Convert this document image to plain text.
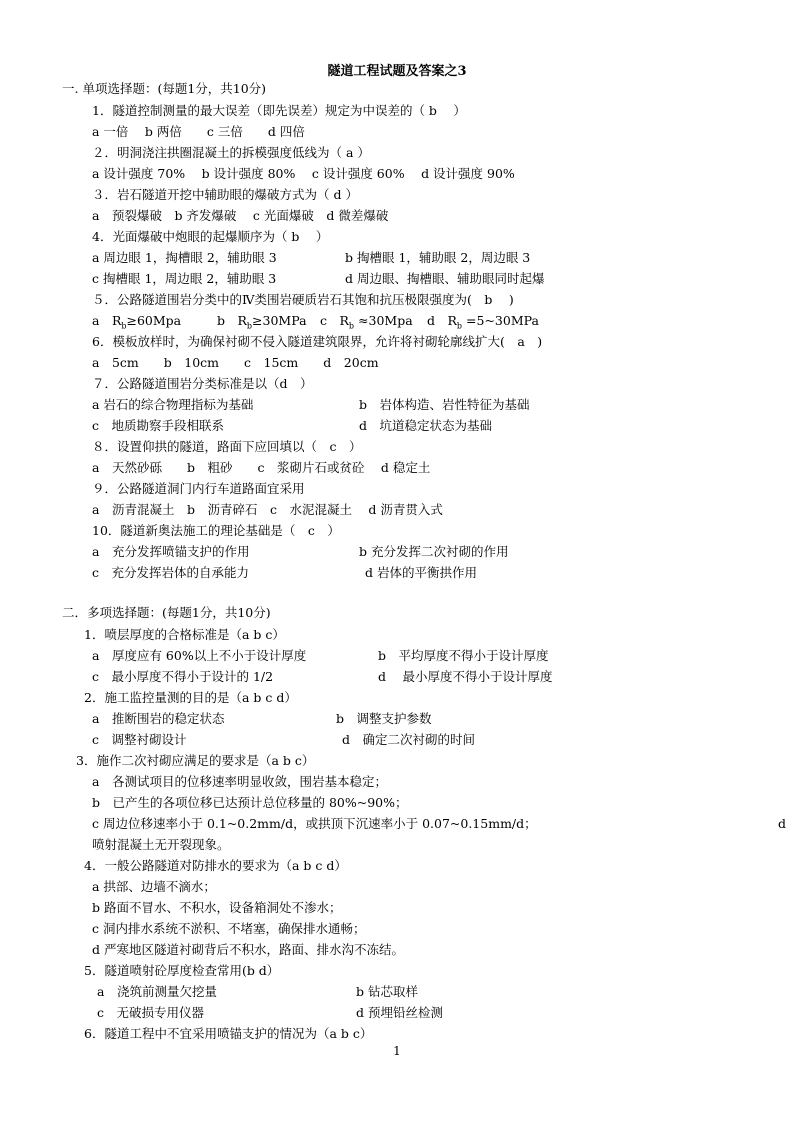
隧道工程试题及答案之3
一. 单项选择题：(每题1分，共10分)
1．隧道控制测量的最大误差（即先误差）规定为中误差的（ b　 ）
a 一倍　 b 两倍　　c 三倍　　d 四倍
２．明洞浇注拱圈混凝土的拆模强度低线为（ a ）
a 设计强度 70%　 b 设计强度 80%　 c 设计强度 60%　 d 设计强度 90%
３．岩石隧道开挖中辅助眼的爆破方式为（ d ）
a　预裂爆破　b 齐发爆破　 c 光面爆破　d 微差爆破
4．光面爆破中炮眼的起爆顺序为（ b　 ）
a 周边眼 1，掏槽眼 2，辅助眼 3	b 掏槽眼 1，辅助眼 2，周边眼 3
c 掏槽眼 1，周边眼 2，辅助眼 3	d 周边眼、掏槽眼、辅助眼同时起爆
５．公路隧道围岩分类中的Ⅳ类围岩硬质岩石其饱和抗压极限强度为(　b　 )
a　$R_b\ge 60Mpa$	b　$R_b\ge 30MPa$ c　$R_b \approx 30Mpa$ d　$R_b$ =5~30MPa
6．模板放样时，为确保衬砌不侵入隧道建筑限界，允许将衬砌轮廓线扩大(　a　)
a　5cm　　b　10cm　　c　15cm　　d　20cm
７．公路隧道围岩分类标准是以（d　）
a 岩石的综合物理指标为基础	b　岩体构造、岩性特征为基础
c　地质勘察手段相联系	d　坑道稳定状态为基础
８．设置仰拱的隧道，路面下应回填以（　c　）
a　天然砂砾　　b　粗砂　　c　浆砌片石或贫砼　 d 稳定土
９．公路隧道洞门内行车道路面宜采用
a　沥青混凝土　b　沥青碎石　c　水泥混凝土　 d 沥青贯入式
10．隧道新奥法施工的理论基础是（　c　）
a　充分发挥喷锚支护的作用	b 充分发挥二次衬砌的作用
c　充分发挥岩体的自承能力	d 岩体的平衡拱作用
二．多项选择题：(每题1分，共10分)
1．喷层厚度的合格标准是（a b c）
a　厚度应有 60%以上不小于设计厚度	b　平均厚度不得小于设计厚度
c　最小厚度不得小于设计的 1/2	d　 最小厚度不得小于设计厚度
2．施工监控量测的目的是（a b c d）
a　推断围岩的稳定状态	b　调整支护参数
c　调整衬砌设计	d　确定二次衬砌的时间
3．施作二次衬砌应满足的要求是（a b c）
a　各测试项目的位移速率明显收敛，围岩基本稳定；
b　已产生的各项位移已达预计总位移量的 80%~90%；
c 周边位移速率小于 0.1~0.2mm/d，或拱顶下沉速率小于 0.07~0.15mm/d；	d
喷射混凝土无开裂现象。
4．一般公路隧道对防排水的要求为（a b c d）
a 拱部、边墙不滴水；
b 路面不冒水、不积水，设备箱洞处不渗水；
c 洞内排水系统不淤积、不堵塞，确保排水通畅；
d 严寒地区隧道衬砌背后不积水，路面、排水沟不冻结。
5．隧道喷射砼厚度检查常用(b d）
a　浇筑前测量欠挖量	b 钻芯取样
c　无破损专用仪器	d 预埋铅丝检测
6．隧道工程中不宜采用喷锚支护的情况为（a b c）
1
